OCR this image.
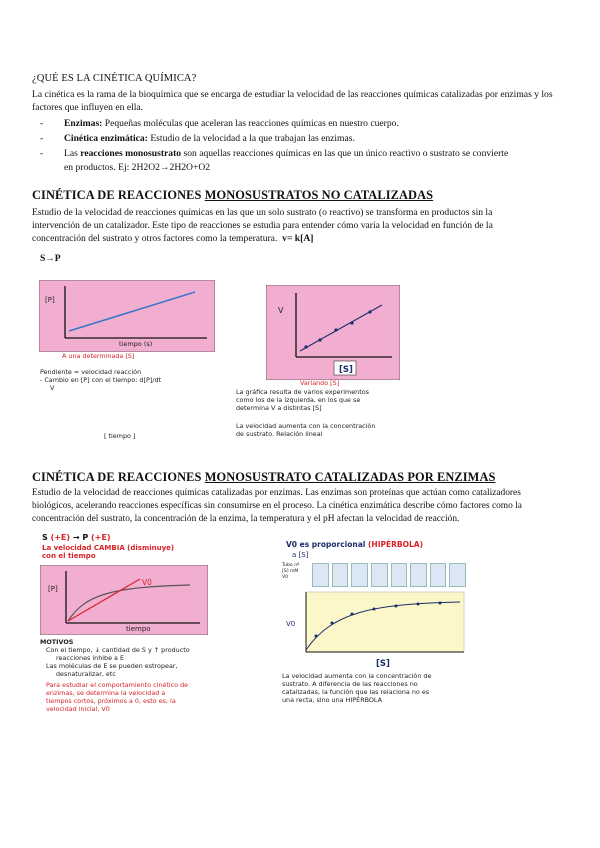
¿QUÉ ES LA CINÉTICA QUÍMICA?
La cinética es la rama de la bioquímica que se encarga de estudiar la velocidad de las reacciones químicas catalizadas por enzimas y los factores que influyen en ella.
- Enzimas: Pequeñas moléculas que aceleran las reacciones químicas en nuestro cuerpo.
- Cinética enzimática: Estudio de la velocidad a la que trabajan las enzimas.
- Las reacciones monosustrato son aquellas reacciones químicas en las que un único reactivo o sustrato se convierte
en productos. Ej: 2H2O2→2H2O+O2
CINÉTICA DE REACCIONES MONOSUSTRATOS NO CATALIZADAS
Estudio de la velocidad de reacciones químicas en las que un solo sustrato (o reactivo) se transforma en productos sin la
intervención de un catalizador. Este tipo de reacciones se estudia para entender cómo varía la velocidad en función de la
concentración del sustrato y otros factores como la temperatura. v= k[A]
S→P
[P]
tiempo (s)
A una determinada [S]
Pendiente = velocidad reacción
- Cambio en [P] con el tiempo: d[P]/dt
V
[ tiempo ]
V
[S]
Variando [S]
La gráfica resulta de varios experimentos
como los de la izquierda, en los que se
determina V a distintas [S]
La velocidad aumenta con la concentración
de sustrato. Relación lineal
CINÉTICA DE REACCIONES MONOSUSTRATO CATALIZADAS POR ENZIMAS
Estudio de la velocidad de reacciones químicas catalizadas por enzimas. Las enzimas son proteínas que actúan como catalizadores
biológicos, acelerando reacciones específicas sin consumirse en el proceso. La cinética enzimática describe cómo factores como la
concentración del sustrato, la concentración de la enzima, la temperatura y el pH afectan la velocidad de reacción.
S (+E) → P (+E)
La velocidad CAMBIA (disminuye)
con el tiempo
[P]
V0
tiempo
MOTIVOS
Con el tiempo, ↓ cantidad de S y ↑ producto
reacciones inhibe a E
Las moléculas de E se pueden estropear,
desnaturalizar, etc
Para estudiar el comportamiento cinético de
enzimas, se determina la velocidad a
tiempos cortos, próximos a 0, esto es, la
velocidad inicial, V0
V0 es proporcional (HIPÉRBOLA)
a [S]
Tubo nº
[S] mM
V0
V0
[S]
La velocidad aumenta con la concentración de
sustrato. A diferencia de las reacciones no
catalizadas, la función que las relaciona no es
una recta, sino una HIPÉRBOLA
